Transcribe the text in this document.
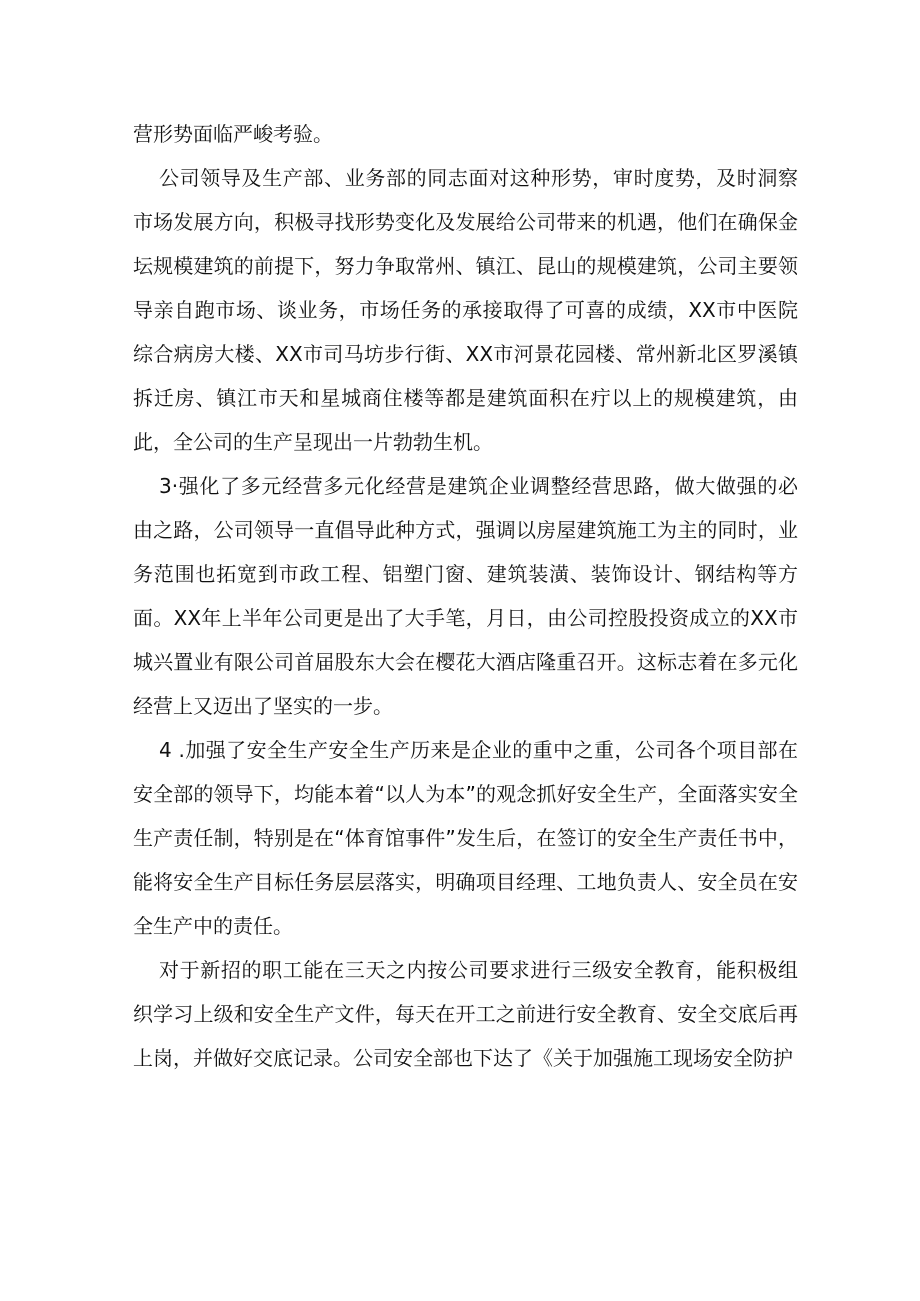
营形势面临严峻考验。

公司领导及生产部、业务部的同志面对这种形势，审时度势，及时洞察市场发展方向，积极寻找形势变化及发展给公司带来的机遇，他们在确保金坛规模建筑的前提下，努力争取常州、镇江、昆山的规模建筑，公司主要领导亲自跑市场、谈业务，市场任务的承接取得了可喜的成绩，XX市中医院综合病房大楼、XX市司马坊步行街、XX市河景花园楼、常州新北区罗溪镇拆迁房、镇江市天和星城商住楼等都是建筑面积在疔以上的规模建筑，由此，全公司的生产呈现出一片勃勃生机。

3·强化了多元经营多元化经营是建筑企业调整经营思路，做大做强的必由之路，公司领导一直倡导此种方式，强调以房屋建筑施工为主的同时，业务范围也拓宽到市政工程、铝塑门窗、建筑装潢、装饰设计、钢结构等方面。XX年上半年公司更是出了大手笔，月日，由公司控股投资成立的XX市城兴置业有限公司首届股东大会在樱花大酒店隆重召开。这标志着在多元化经营上又迈出了坚实的一步。

4 .加强了安全生产安全生产历来是企业的重中之重，公司各个项目部在安全部的领导下，均能本着“以人为本”的观念抓好安全生产，全面落实安全生产责任制，特别是在“体育馆事件”发生后，在签订的安全生产责任书中，能将安全生产目标任务层层落实，明确项目经理、工地负责人、安全员在安全生产中的责任。

对于新招的职工能在三天之内按公司要求进行三级安全教育，能积极组织学习上级和安全生产文件，每天在开工之前进行安全教育、安全交底后再上岗，并做好交底记录。公司安全部也下达了《关于加强施工现场安全防护
